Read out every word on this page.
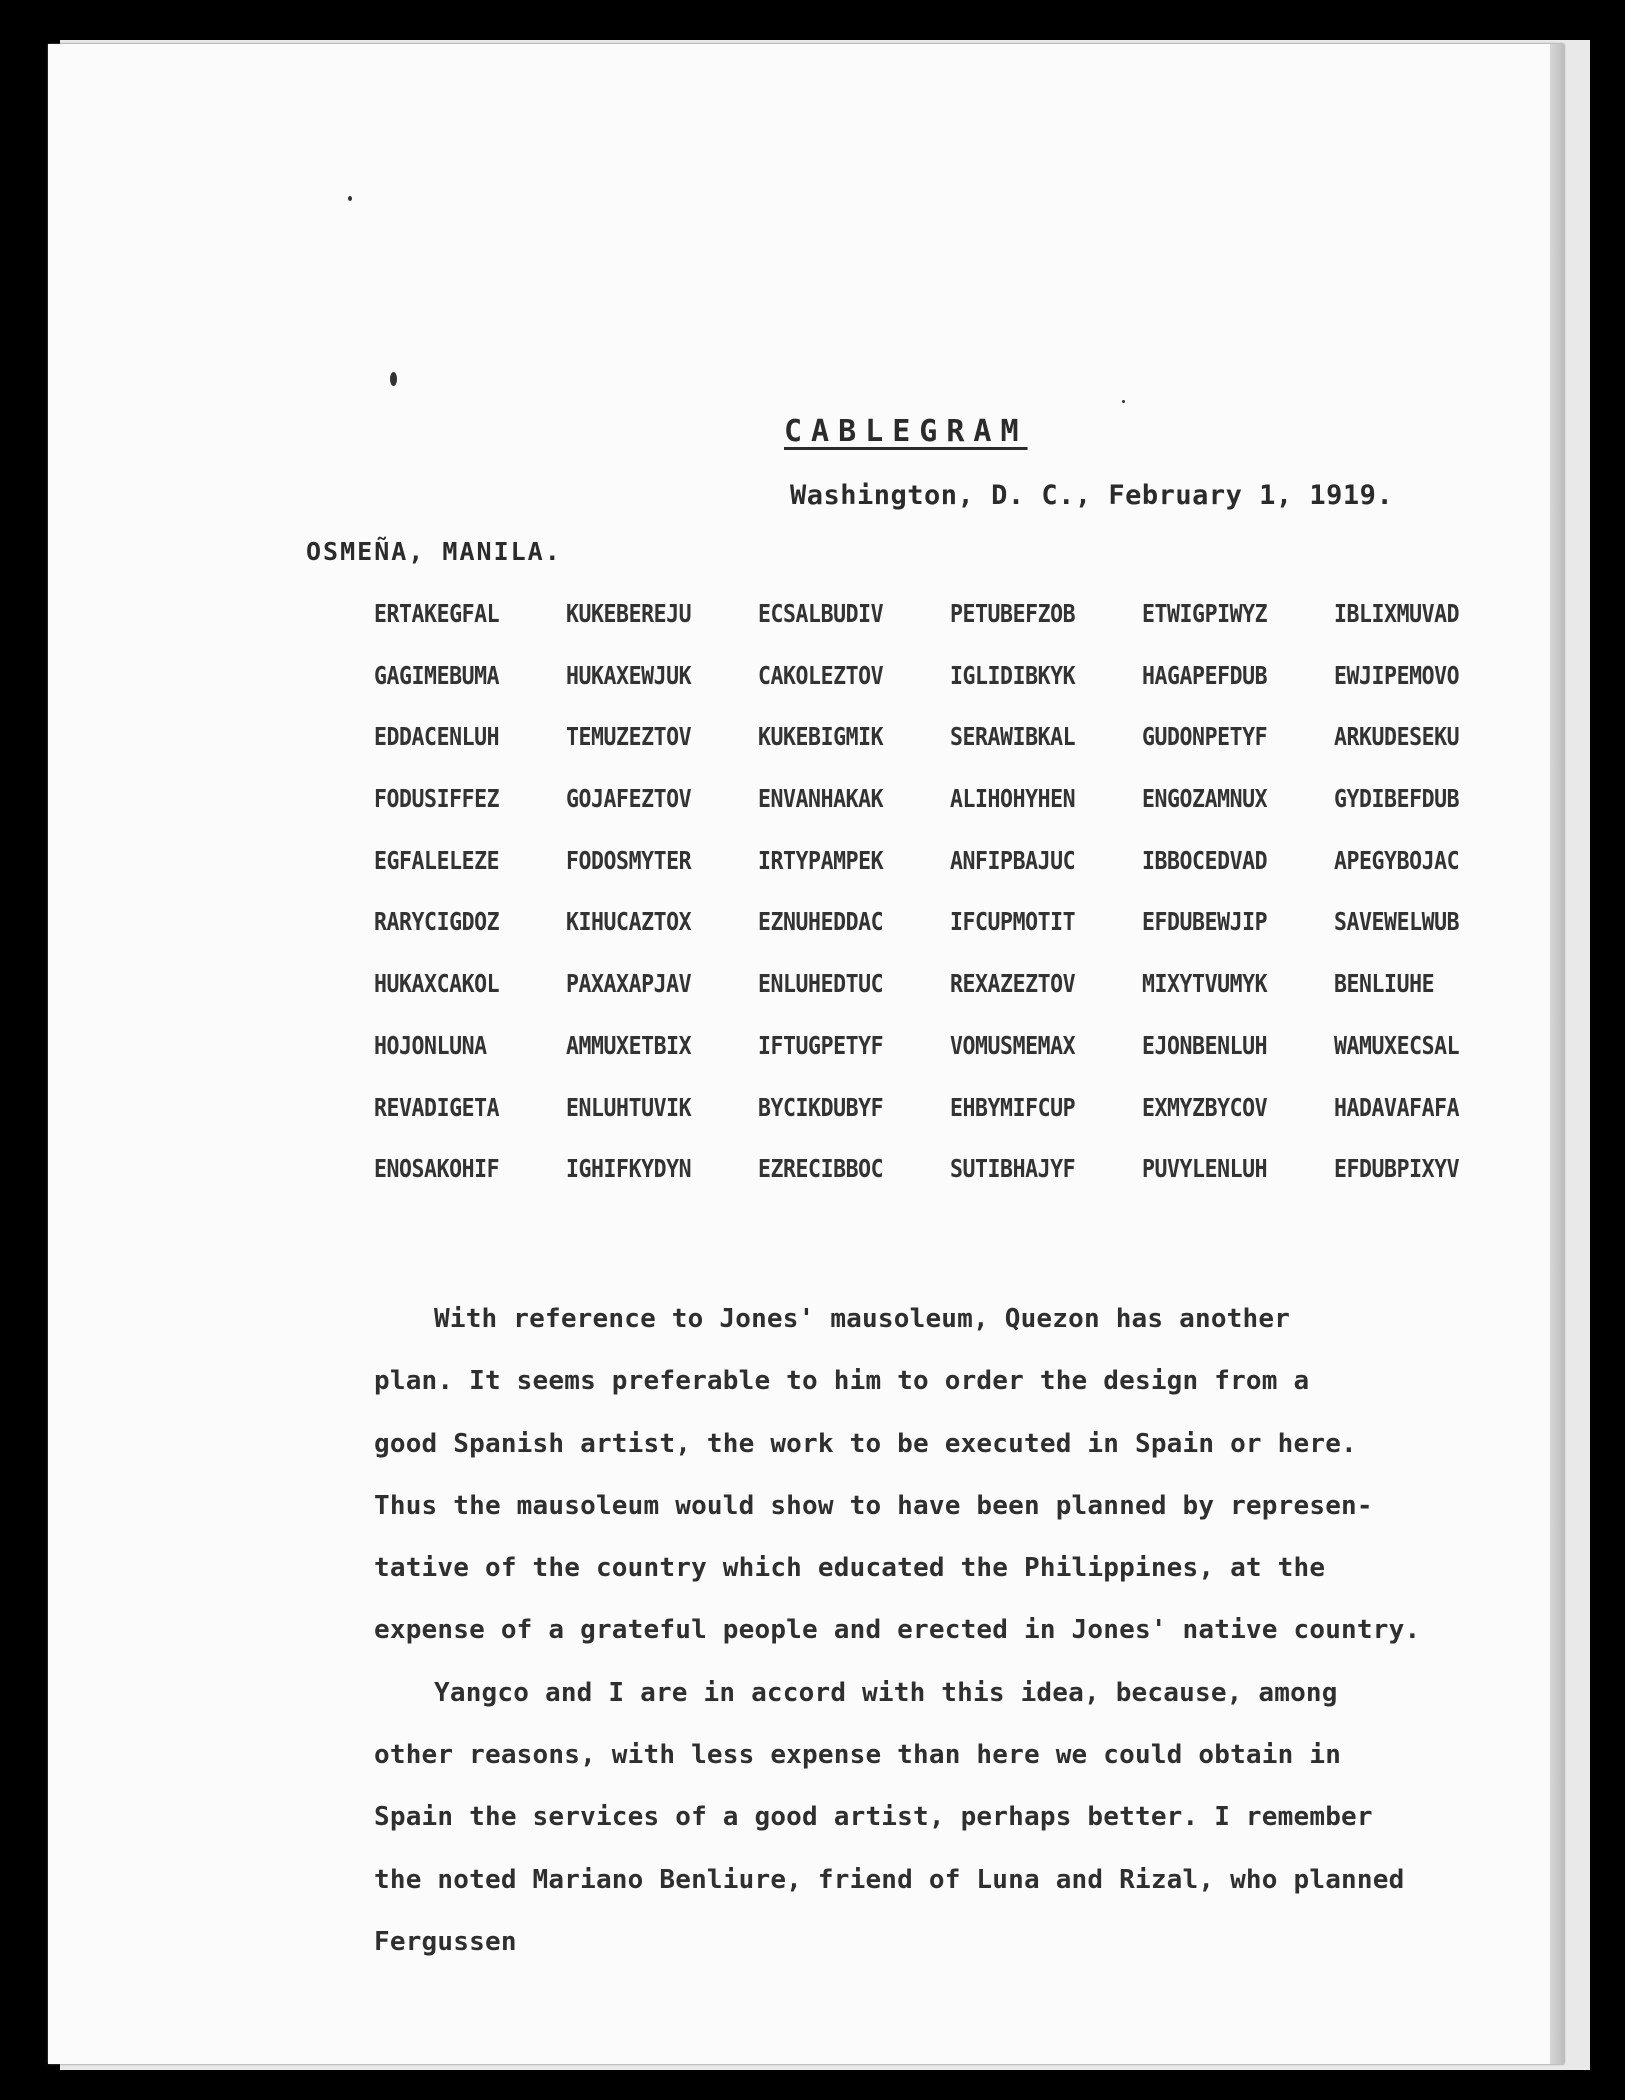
CABLEGRAM
Washington, D. C., February 1, 1919.
OSMEÑA, MANILA.
ERTAKEGFAL	KUKEBEREJU	ECSALBUDIV	PETUBEFZOB	ETWIGPIWYZ	IBLIXMUVAD
GAGIMEBUMA	HUKAXEWJUK	CAKOLEZTOV	IGLIDIBKYK	HAGAPEFDUB	EWJIPEMOVO
EDDACENLUH	TEMUZEZTOV	KUKEBIGMIK	SERAWIBKAL	GUDONPETYF	ARKUDESEKU
FODUSIFFEZ	GOJAFEZTOV	ENVANHAKAK	ALIHOHYHEN	ENGOZAMNUX	GYDIBEFDUB
EGFALELEZE	FODOSMYTER	IRTYPAMPEK	ANFIPBAJUC	IBBOCEDVAD	APEGYBOJAC
RARYCIGDOZ	KIHUCAZTOX	EZNUHEDDAC	IFCUPMOTIT	EFDUBEWJIP	SAVEWELWUB
HUKAXCAKOL	PAXAXAPJAV	ENLUHEDTUC	REXAZEZTOV	MIXYTVUMYK	BENLIUHE
HOJONLUNA	AMMUXETBIX	IFTUGPETYF	VOMUSMEMAX	EJONBENLUH	WAMUXECSAL
REVADIGETA	ENLUHTUVIK	BYCIKDUBYF	EHBYMIFCUP	EXMYZBYCOV	HADAVAFAFA
ENOSAKOHIF	IGHIFKYDYN	EZRECIBBOC	SUTIBHAJYF	PUVYLENLUH	EFDUBPIXYV
With reference to Jones' mausoleum, Quezon has another
plan. It seems preferable to him to order the design from a
good Spanish artist, the work to be executed in Spain or here.
Thus the mausoleum would show to have been planned by represen-
tative of the country which educated the Philippines, at the
expense of a grateful people and erected in Jones' native country.
Yangco and I are in accord with this idea, because, among
other reasons, with less expense than here we could obtain in
Spain the services of a good artist, perhaps better. I remember
the noted Mariano Benliure, friend of Luna and Rizal, who planned
Fergussen
